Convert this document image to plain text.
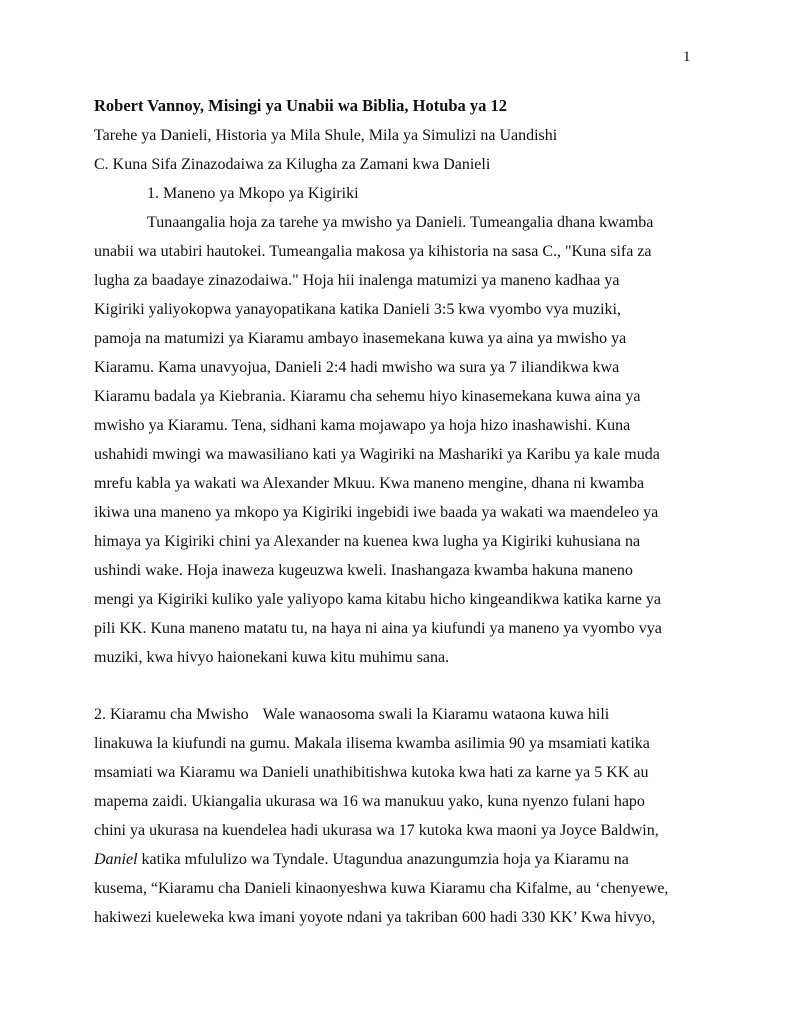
1
Robert Vannoy, Misingi ya Unabii wa Biblia, Hotuba ya 12
Tarehe ya Danieli, Historia ya Mila Shule, Mila ya Simulizi na Uandishi
C. Kuna Sifa Zinazodaiwa za Kilugha za Zamani kwa Danieli
1. Maneno ya Mkopo ya Kigiriki
Tunaangalia hoja za tarehe ya mwisho ya Danieli. Tumeangalia dhana kwamba
unabii wa utabiri hautokei. Tumeangalia makosa ya kihistoria na sasa C., "Kuna sifa za
lugha za baadaye zinazodaiwa." Hoja hii inalenga matumizi ya maneno kadhaa ya
Kigiriki yaliyokopwa yanayopatikana katika Danieli 3:5 kwa vyombo vya muziki,
pamoja na matumizi ya Kiaramu ambayo inasemekana kuwa ya aina ya mwisho ya
Kiaramu. Kama unavyojua, Danieli 2:4 hadi mwisho wa sura ya 7 iliandikwa kwa
Kiaramu badala ya Kiebrania. Kiaramu cha sehemu hiyo kinasemekana kuwa aina ya
mwisho ya Kiaramu. Tena, sidhani kama mojawapo ya hoja hizo inashawishi. Kuna
ushahidi mwingi wa mawasiliano kati ya Wagiriki na Mashariki ya Karibu ya kale muda
mrefu kabla ya wakati wa Alexander Mkuu. Kwa maneno mengine, dhana ni kwamba
ikiwa una maneno ya mkopo ya Kigiriki ingebidi iwe baada ya wakati wa maendeleo ya
himaya ya Kigiriki chini ya Alexander na kuenea kwa lugha ya Kigiriki kuhusiana na
ushindi wake. Hoja inaweza kugeuzwa kweli. Inashangaza kwamba hakuna maneno
mengi ya Kigiriki kuliko yale yaliyopo kama kitabu hicho kingeandikwa katika karne ya
pili KK. Kuna maneno matatu tu, na haya ni aina ya kiufundi ya maneno ya vyombo vya
muziki, kwa hivyo haionekani kuwa kitu muhimu sana.
2. Kiaramu cha Mwisho Wale wanaosoma swali la Kiaramu wataona kuwa hili
linakuwa la kiufundi na gumu. Makala ilisema kwamba asilimia 90 ya msamiati katika
msamiati wa Kiaramu wa Danieli unathibitishwa kutoka kwa hati za karne ya 5 KK au
mapema zaidi. Ukiangalia ukurasa wa 16 wa manukuu yako, kuna nyenzo fulani hapo
chini ya ukurasa na kuendelea hadi ukurasa wa 17 kutoka kwa maoni ya Joyce Baldwin,
Daniel katika mfululizo wa Tyndale. Utagundua anazungumzia hoja ya Kiaramu na
kusema, “Kiaramu cha Danieli kinaonyeshwa kuwa Kiaramu cha Kifalme, au ‘chenyewe,
hakiwezi kueleweka kwa imani yoyote ndani ya takriban 600 hadi 330 KK’ Kwa hivyo,
